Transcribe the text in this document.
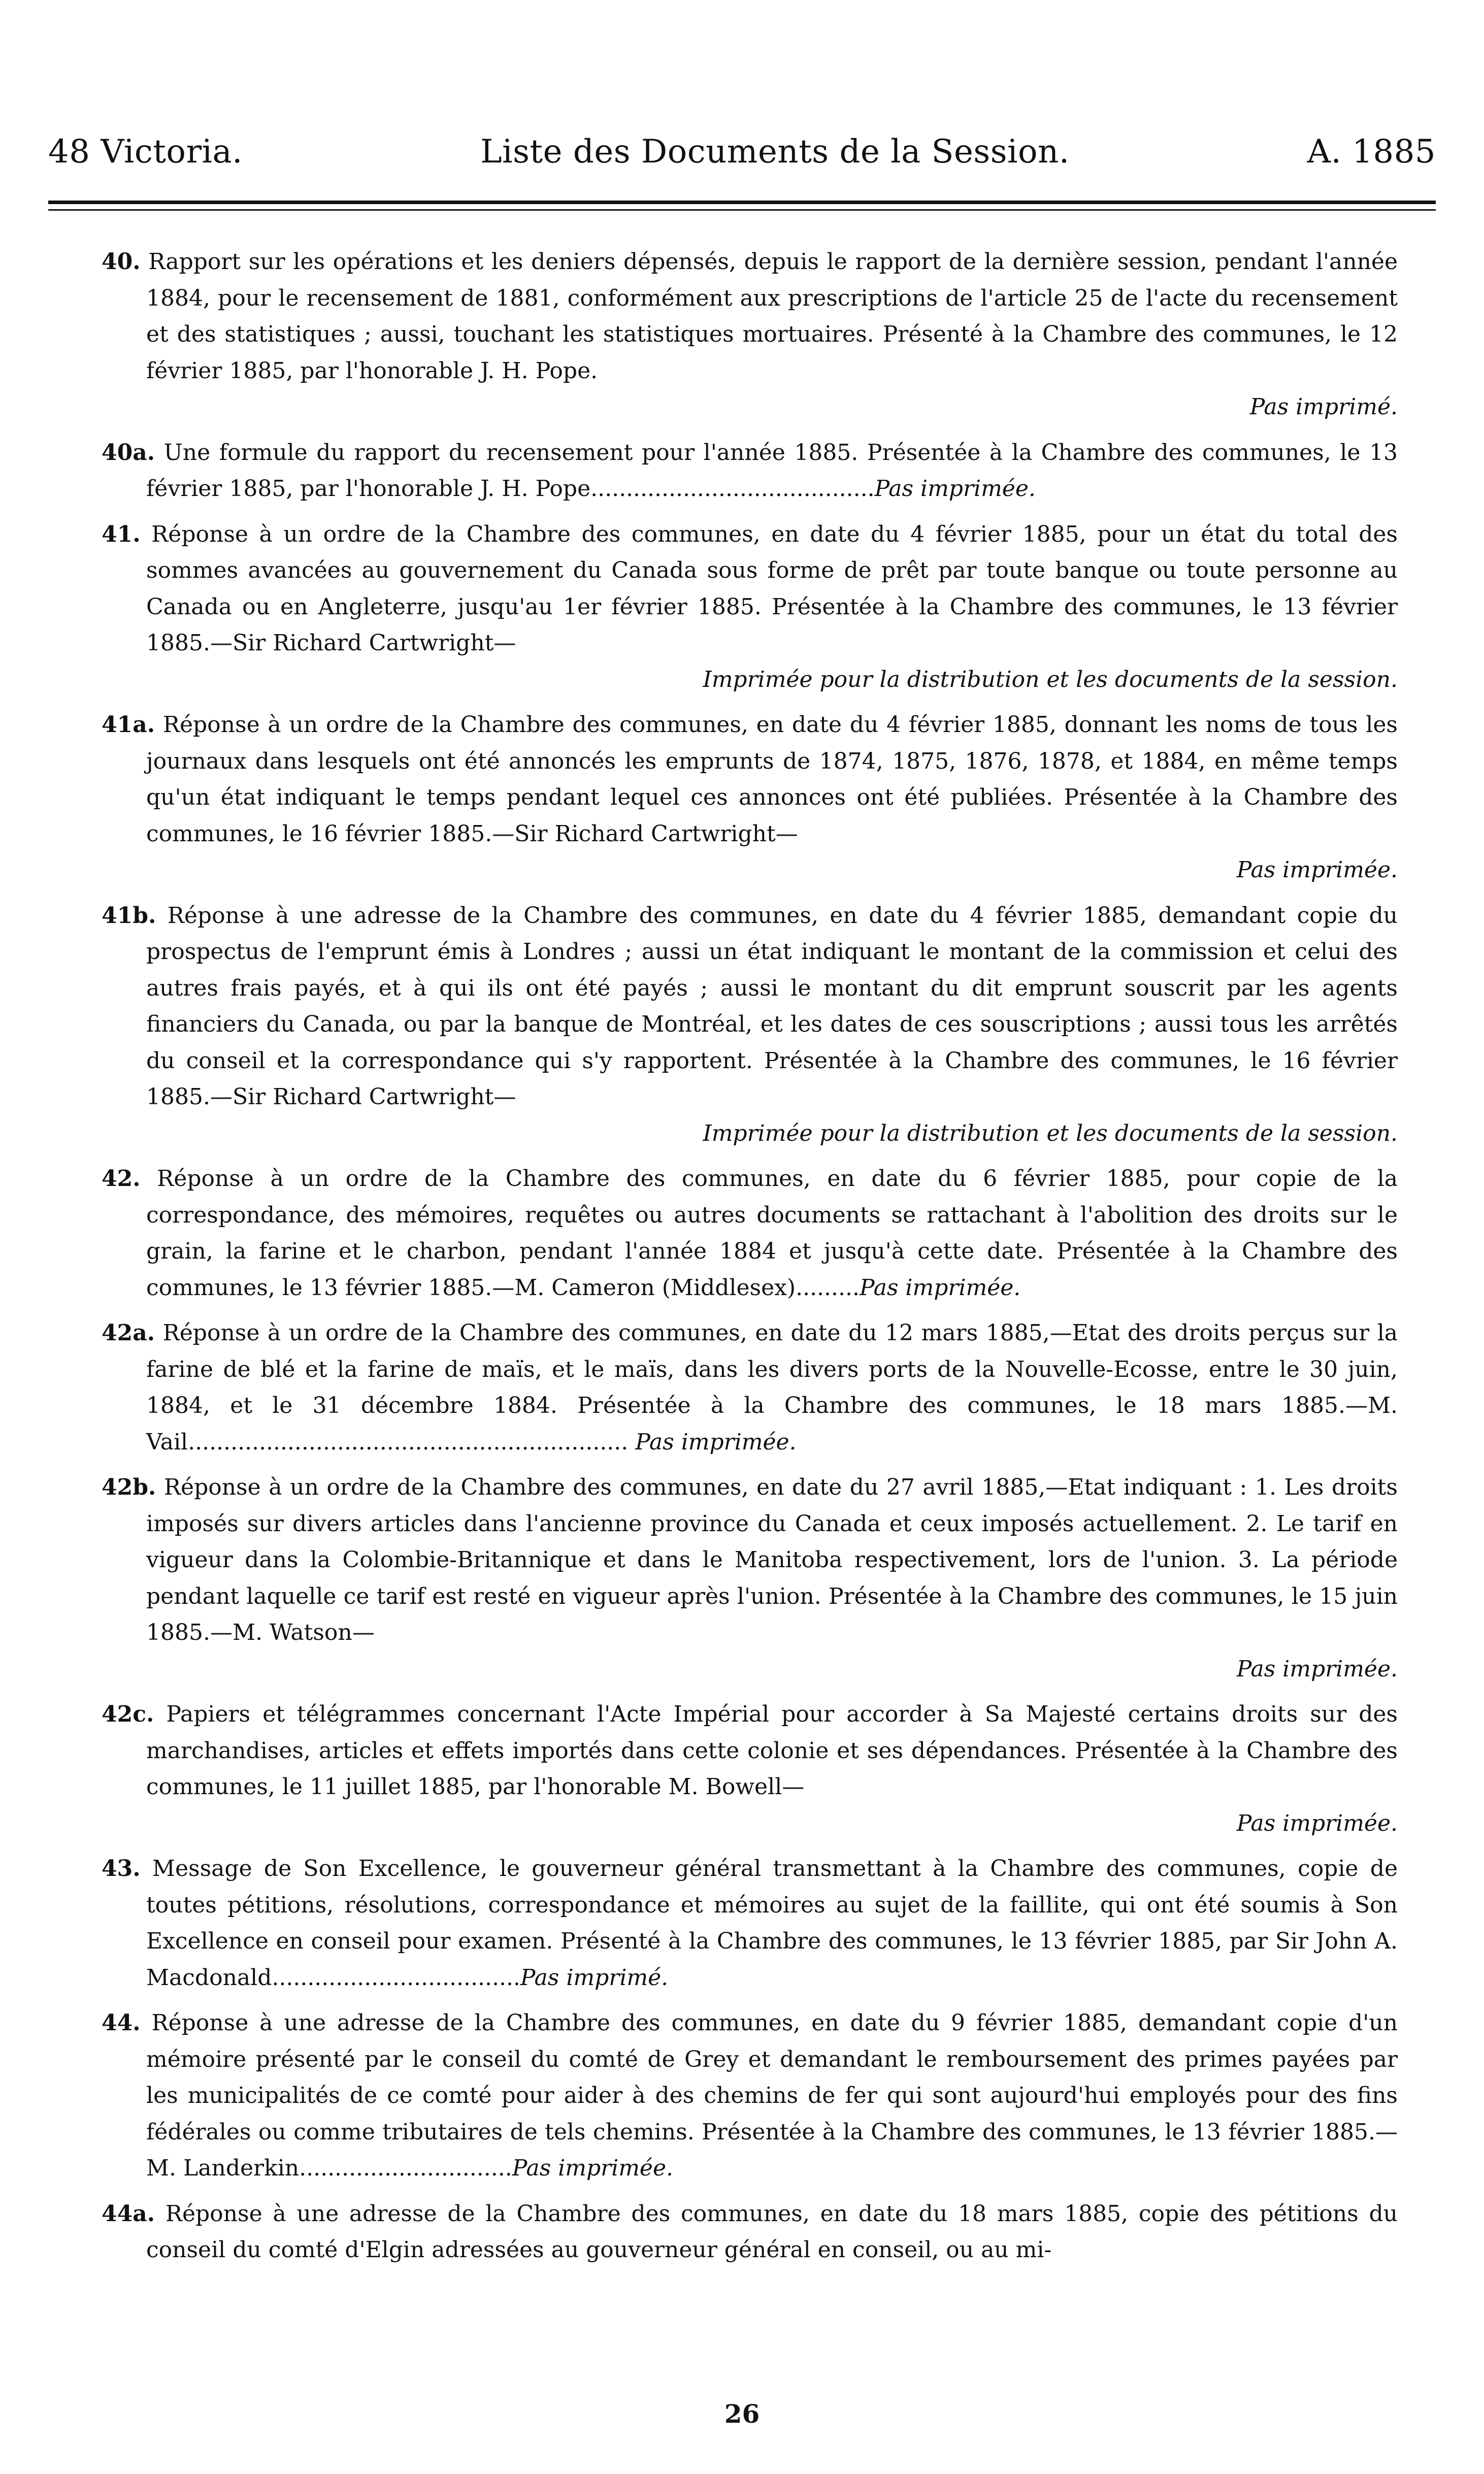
48 Victoria.	Liste des Documents de la Session.	A. 1885
40. Rapport sur les opérations et les deniers dépensés, depuis le rapport de la dernière session, pendant l'année 1884, pour le recensement de 1881, conformément aux prescriptions de l'article 25 de l'acte du recensement et des statistiques ; aussi, touchant les statistiques mortuaires. Présenté à la Chambre des communes, le 12 février 1885, par l'honorable J. H. Pope.
Pas imprimé.
40a. Une formule du rapport du recensement pour l'année 1885. Présentée à la Chambre des communes, le 13 février 1885, par l'honorable J. H. Pope........................................Pas imprimée.
41. Réponse à un ordre de la Chambre des communes, en date du 4 février 1885, pour un état du total des sommes avancées au gouvernement du Canada sous forme de prêt par toute banque ou toute personne au Canada ou en Angleterre, jusqu'au 1er février 1885. Présentée à la Chambre des communes, le 13 février 1885.—Sir Richard Cartwright—
Imprimée pour la distribution et les documents de la session.
41a. Réponse à un ordre de la Chambre des communes, en date du 4 février 1885, donnant les noms de tous les journaux dans lesquels ont été annoncés les emprunts de 1874, 1875, 1876, 1878, et 1884, en même temps qu'un état indiquant le temps pendant lequel ces annonces ont été publiées. Présentée à la Chambre des communes, le 16 février 1885.—Sir Richard Cartwright—
Pas imprimée.
41b. Réponse à une adresse de la Chambre des communes, en date du 4 février 1885, demandant copie du prospectus de l'emprunt émis à Londres ; aussi un état indiquant le montant de la commission et celui des autres frais payés, et à qui ils ont été payés ; aussi le montant du dit emprunt souscrit par les agents financiers du Canada, ou par la banque de Montréal, et les dates de ces souscriptions ; aussi tous les arrêtés du conseil et la correspondance qui s'y rapportent. Présentée à la Chambre des communes, le 16 février 1885.—Sir Richard Cartwright—
Imprimée pour la distribution et les documents de la session.
42. Réponse à un ordre de la Chambre des communes, en date du 6 février 1885, pour copie de la correspondance, des mémoires, requêtes ou autres documents se rattachant à l'abolition des droits sur le grain, la farine et le charbon, pendant l'année 1884 et jusqu'à cette date. Présentée à la Chambre des communes, le 13 février 1885.—M. Cameron (Middlesex).........Pas imprimée.
42a. Réponse à un ordre de la Chambre des communes, en date du 12 mars 1885,—Etat des droits perçus sur la farine de blé et la farine de maïs, et le maïs, dans les divers ports de la Nouvelle-Ecosse, entre le 30 juin, 1884, et le 31 décembre 1884. Présentée à la Chambre des communes, le 18 mars 1885.—M. Vail.............................................................. Pas imprimée.
42b. Réponse à un ordre de la Chambre des communes, en date du 27 avril 1885,—Etat indiquant : 1. Les droits imposés sur divers articles dans l'ancienne province du Canada et ceux imposés actuellement. 2. Le tarif en vigueur dans la Colombie-Britannique et dans le Manitoba respectivement, lors de l'union. 3. La période pendant laquelle ce tarif est resté en vigueur après l'union. Présentée à la Chambre des communes, le 15 juin 1885.—M. Watson—
Pas imprimée.
42c. Papiers et télégrammes concernant l'Acte Impérial pour accorder à Sa Majesté certains droits sur des marchandises, articles et effets importés dans cette colonie et ses dépendances. Présentée à la Chambre des communes, le 11 juillet 1885, par l'honorable M. Bowell—
Pas imprimée.
43. Message de Son Excellence, le gouverneur général transmettant à la Chambre des communes, copie de toutes pétitions, résolutions, correspondance et mémoires au sujet de la faillite, qui ont été soumis à Son Excellence en conseil pour examen. Présenté à la Chambre des communes, le 13 février 1885, par Sir John A. Macdonald...................................Pas imprimé.
44. Réponse à une adresse de la Chambre des communes, en date du 9 février 1885, demandant copie d'un mémoire présenté par le conseil du comté de Grey et demandant le remboursement des primes payées par les municipalités de ce comté pour aider à des chemins de fer qui sont aujourd'hui employés pour des fins fédérales ou comme tributaires de tels chemins. Présentée à la Chambre des communes, le 13 février 1885.—M. Landerkin..............................Pas imprimée.
44a. Réponse à une adresse de la Chambre des communes, en date du 18 mars 1885, copie des pétitions du conseil du comté d'Elgin adressées au gouverneur général en conseil, ou au mi-
26
